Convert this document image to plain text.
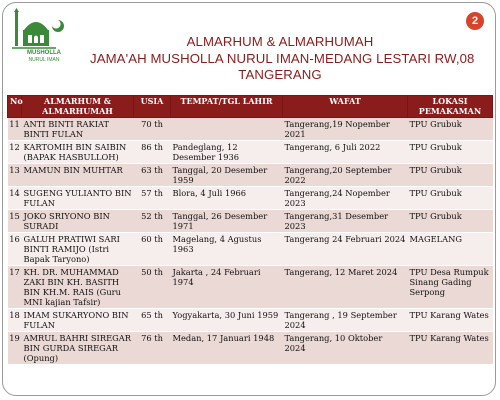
MUSHOLLA
NURUL IMAN
2
ALMARHUM & ALMARHUMAH
JAMA'AH MUSHOLLA NURUL IMAN-MEDANG LESTARI RW,08
TANGERANG
No	ALMARHUM & ALMARHUMAH	USIA	TEMPAT/TGL LAHIR	WAFAT	LOKASI PEMAKAMAN
11	ANTI BINTI RAKIAT BINTI FULAN	70 th		Tangerang,19 Nopember 2021	TPU Grubuk
12	KARTOMIH BIN SAIBIN (BAPAK HASBULLOH)	86 th	Pandeglang, 12 Desember 1936	Tangerang, 6 Juli 2022	TPU Grubuk
13	MAMUN BIN MUHTAR	63 th	Tanggal, 20 Desember 1959	Tangerang,20 September 2022	TPU Grubuk
14	SUGENG YULIANTO BIN FULAN	57 th	Blora, 4 Juli 1966	Tangerang,24 Nopember 2023	TPU Grubuk
15	JOKO SRIYONO BIN SURADI	52 th	Tanggal, 26 Desember 1971	Tangerang,31 Desember 2023	TPU Grubuk
16	GALUH PRATIWI SARI BINTI RAMIJO (Istri Bapak Taryono)	60 th	Magelang, 4 Agustus 1963	Tangerang 24 Februari 2024	MAGELANG
17	KH. DR. MUHAMMAD ZAKI BIN KH. BASITH BIN KH.M. RAIS (Guru MNI kajian Tafsir)	50 th	Jakarta , 24 Februari 1974	Tangerang, 12 Maret 2024	TPU Desa Rumpuk Sinang Gading Serpong
18	IMAM SUKARYONO BIN FULAN	65 th	Yogyakarta, 30 Juni 1959	Tangerang , 19 September 2024	TPU Karang Wates
19	AMRUL BAHRI SIREGAR BIN GURDA SIREGAR (Opung)	76 th	Medan, 17 Januari 1948	Tangerang, 10 Oktober 2024	TPU Karang Wates
